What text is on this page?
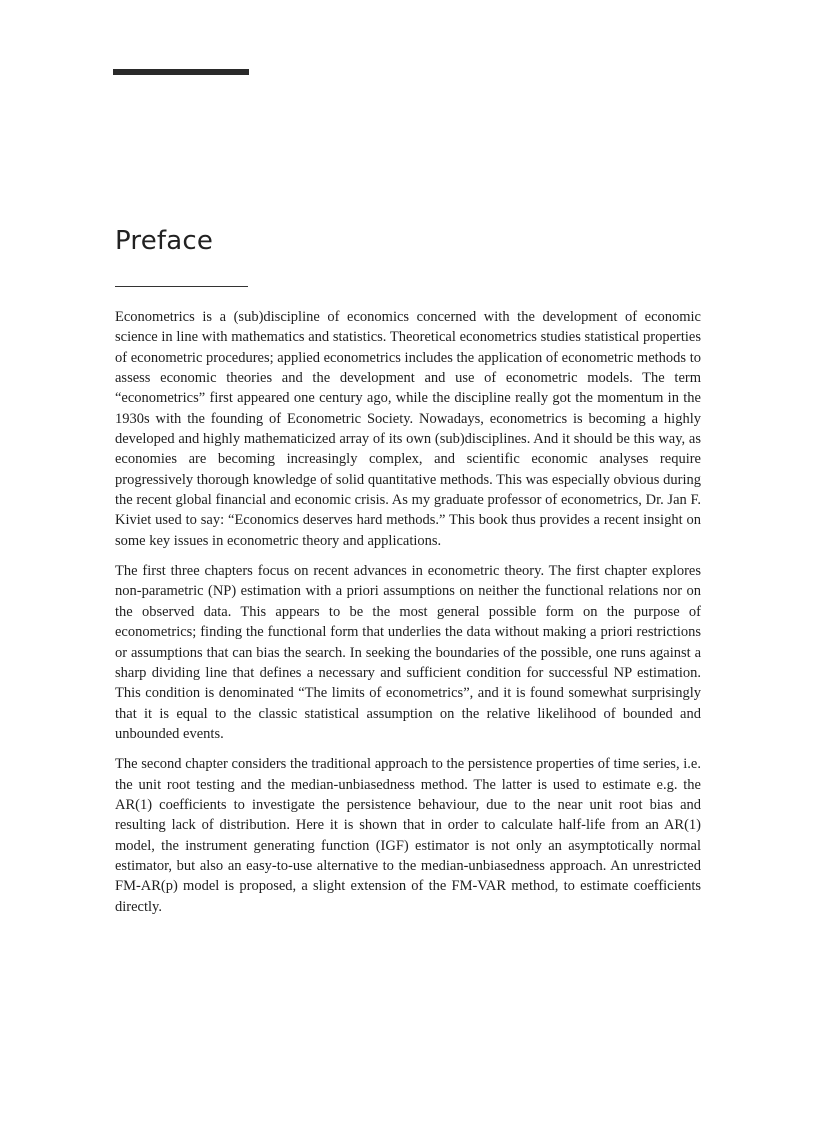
Preface

Econometrics is a (sub)discipline of economics concerned with the development of economic science in line with mathematics and statistics. Theoretical econometrics studies statistical properties of econometric procedures; applied econometrics includes the application of econometric methods to assess economic theories and the development and use of econometric models. The term “econometrics” first appeared one century ago, while the discipline really got the momentum in the 1930s with the founding of Econometric Society. Nowadays, econometrics is becoming a highly developed and highly mathematicized array of its own (sub)disciplines. And it should be this way, as economies are becoming increasingly complex, and scientific economic analyses require progressively thorough knowledge of solid quantitative methods. This was especially obvious during the recent global financial and economic crisis. As my graduate professor of econometrics, Dr. Jan F. Kiviet used to say: “Economics deserves hard methods.” This book thus provides a recent insight on some key issues in econometric theory and applications.

The first three chapters focus on recent advances in econometric theory. The first chapter explores non-parametric (NP) estimation with a priori assumptions on neither the functional relations nor on the observed data. This appears to be the most general possible form on the purpose of econometrics; finding the functional form that underlies the data without making a priori restrictions or assumptions that can bias the search. In seeking the boundaries of the possible, one runs against a sharp dividing line that defines a necessary and sufficient condition for successful NP estimation. This condition is denominated “The limits of econometrics”, and it is found somewhat surprisingly that it is equal to the classic statistical assumption on the relative likelihood of bounded and unbounded events.

The second chapter considers the traditional approach to the persistence properties of time series, i.e. the unit root testing and the median-unbiasedness method. The latter is used to estimate e.g. the AR(1) coefficients to investigate the persistence behaviour, due to the near unit root bias and resulting lack of distribution. Here it is shown that in order to calculate half-life from an AR(1) model, the instrument generating function (IGF) estimator is not only an asymptotically normal estimator, but also an easy-to-use alternative to the median-unbiasedness approach. An unrestricted FM-AR(p) model is proposed, a slight extension of the FM-VAR method, to estimate coefficients directly.
